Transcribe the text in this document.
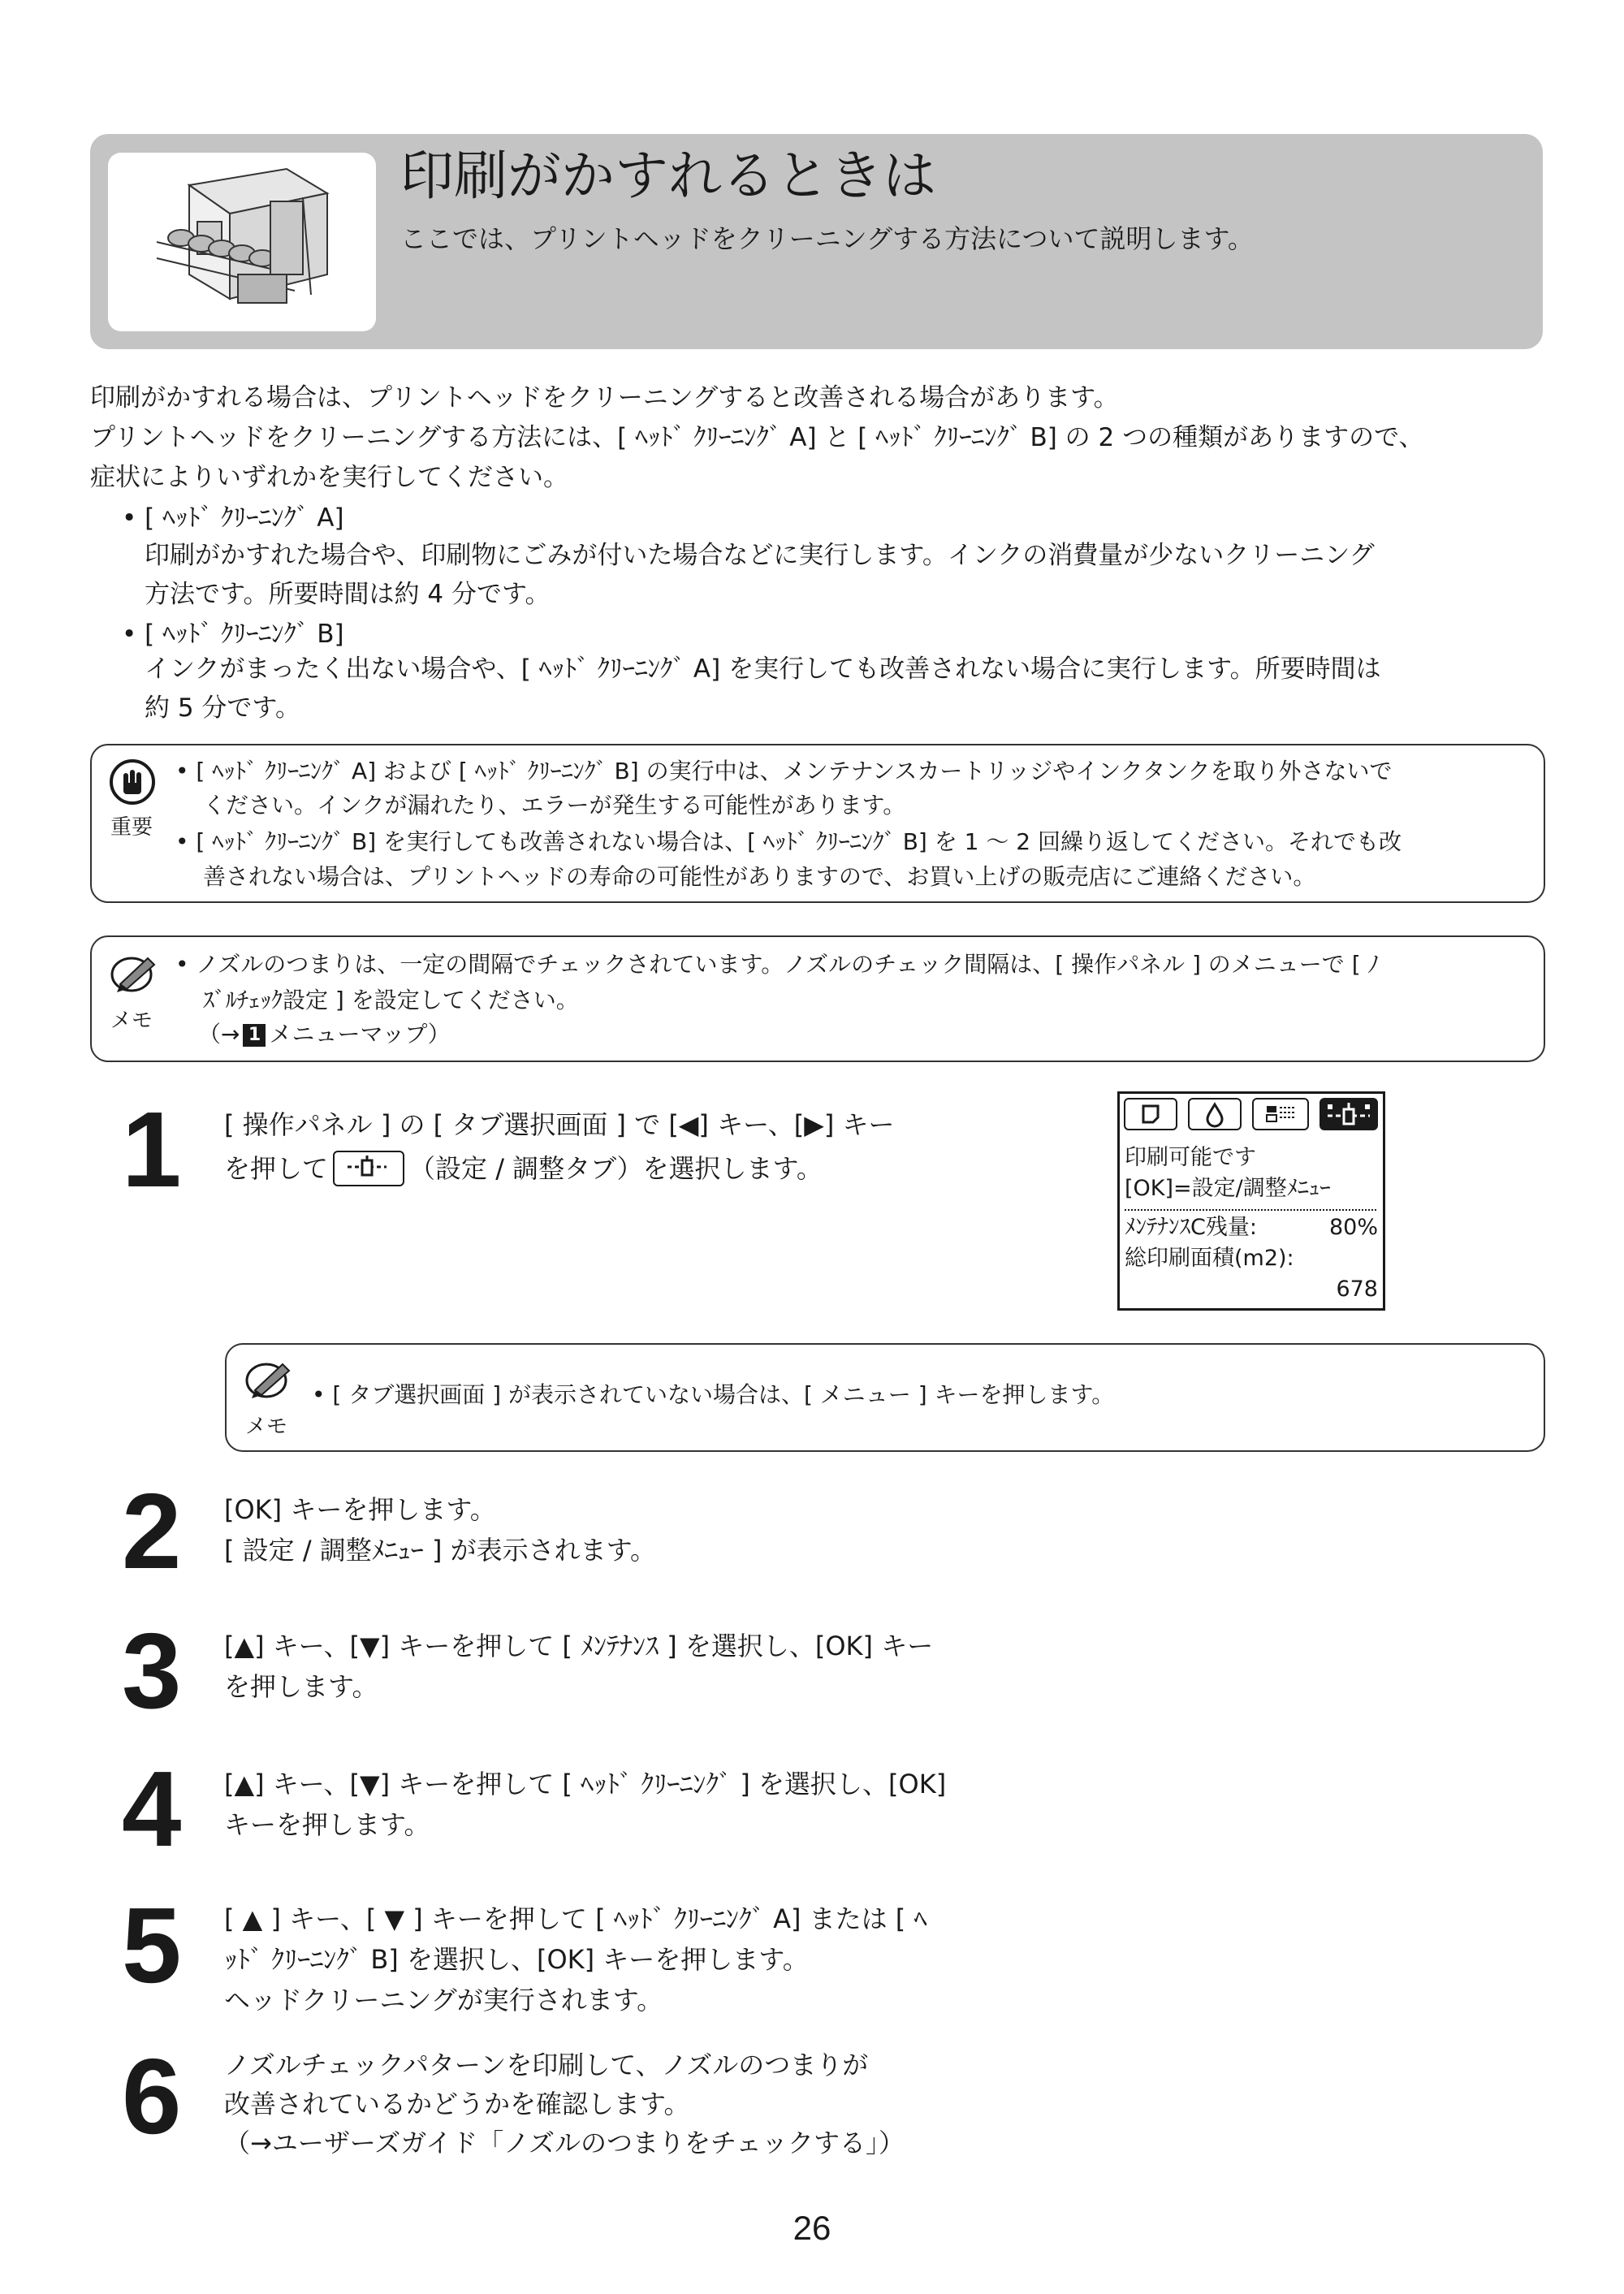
印刷がかすれるときは
ここでは、プリントヘッドをクリーニングする方法について説明します。
印刷がかすれる場合は、プリントヘッドをクリーニングすると改善される場合があります。
プリントヘッドをクリーニングする方法には、[ ﾍｯﾄﾞ ｸﾘｰﾆﾝｸﾞ A] と [ ﾍｯﾄﾞ ｸﾘｰﾆﾝｸﾞ B] の 2 つの種類がありますので、
症状によりいずれかを実行してください。
• [ ﾍｯﾄﾞ ｸﾘｰﾆﾝｸﾞ A]
印刷がかすれた場合や、印刷物にごみが付いた場合などに実行します。インクの消費量が少ないクリーニング
方法です。所要時間は約 4 分です。
• [ ﾍｯﾄﾞ ｸﾘｰﾆﾝｸﾞ B]
インクがまったく出ない場合や、[ ﾍｯﾄﾞ ｸﾘｰﾆﾝｸﾞ A] を実行しても改善されない場合に実行します。所要時間は
約 5 分です。
重要
• [ ﾍｯﾄﾞ ｸﾘｰﾆﾝｸﾞ A] および [ ﾍｯﾄﾞ ｸﾘｰﾆﾝｸﾞ B] の実行中は、メンテナンスカートリッジやインクタンクを取り外さないで
ください。インクが漏れたり、エラーが発生する可能性があります。
• [ ﾍｯﾄﾞ ｸﾘｰﾆﾝｸﾞ B] を実行しても改善されない場合は、[ ﾍｯﾄﾞ ｸﾘｰﾆﾝｸﾞ B] を 1 ～ 2 回繰り返してください。それでも改
善されない場合は、プリントヘッドの寿命の可能性がありますので、お買い上げの販売店にご連絡ください。
メモ
• ノズルのつまりは、一定の間隔でチェックされています。ノズルのチェック間隔は、[ 操作パネル ] のメニューで [ ﾉ
ｽﾞﾙﾁｪｯｸ設定 ] を設定してください。
（→ 1 メニューマップ）
1 [ 操作パネル ] の [ タブ選択画面 ] で [◀] キー、[▶] キー
を押して	（設定 / 調整タブ）を選択します。	印刷可能です
[OK]=設定/調整ﾒﾆｭｰ
ﾒﾝﾃﾅﾝｽC残量:	80%
総印刷面積(m2):
678
メモ
• [ タブ選択画面 ] が表示されていない場合は、[ メニュー ] キーを押します。
2 [OK] キーを押します。
[ 設定 / 調整ﾒﾆｭｰ ] が表示されます。
3 [▲] キー、[▼] キーを押して [ ﾒﾝﾃﾅﾝｽ ] を選択し、[OK] キー
を押します。
4 [▲] キー、[▼] キーを押して [ ﾍｯﾄﾞ ｸﾘｰﾆﾝｸﾞ ] を選択し、[OK]
キーを押します。
5 [ ▲ ] キー、[ ▼ ] キーを押して [ ﾍｯﾄﾞ ｸﾘｰﾆﾝｸﾞ A] または [ ﾍ
ｯﾄﾞ ｸﾘｰﾆﾝｸﾞ B] を選択し、[OK] キーを押します。
ヘッドクリーニングが実行されます。
6 ノズルチェックパターンを印刷して、ノズルのつまりが
改善されているかどうかを確認します。
（→ユーザーズガイド「ノズルのつまりをチェックする」）
26
